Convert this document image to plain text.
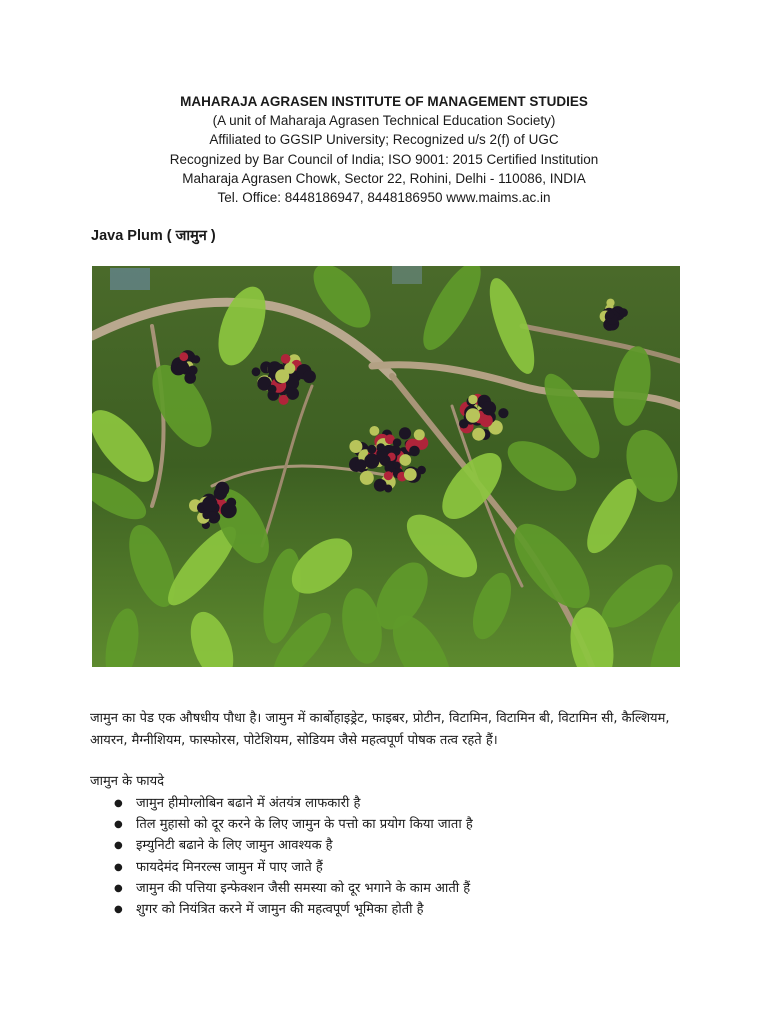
MAHARAJA AGRASEN INSTITUTE OF MANAGEMENT STUDIES
(A unit of Maharaja Agrasen Technical Education Society)
Affiliated to GGSIP University; Recognized u/s 2(f) of UGC
Recognized by Bar Council of India; ISO 9001: 2015 Certified Institution
Maharaja Agrasen Chowk, Sector 22, Rohini, Delhi - 110086, INDIA
Tel. Office: 8448186947, 8448186950 www.maims.ac.in
Java Plum ( जामुन )
जामुन का पेड एक औषधीय पौधा है। जामुन में कार्बोहाइड्रेट, फाइबर, प्रोटीन, विटामिन, विटामिन बी, विटामिन सी, कैल्शियम, आयरन, मैग्नीशियम, फास्फोरस, पोटेशियम, सोडियम जैसे महत्वपूर्ण पोषक तत्व रहते हैं।
जामुन के फायदे
● जामुन हीमोग्लोबिन बढाने में अंतयंत्र लाफकारी है
● तिल मुहासो को दूर करने के लिए जामुन के पत्तो का प्रयोग किया जाता है
● इम्युनिटी बढाने के लिए जामुन आवश्यक है
● फायदेमंद मिनरल्स जामुन में पाए जाते हैं
● जामुन की पत्तिया इन्फेक्शन जैसी समस्या को दूर भगाने के काम आती हैं
● शुगर को नियंत्रित करने में जामुन की महत्वपूर्ण भूमिका होती है
